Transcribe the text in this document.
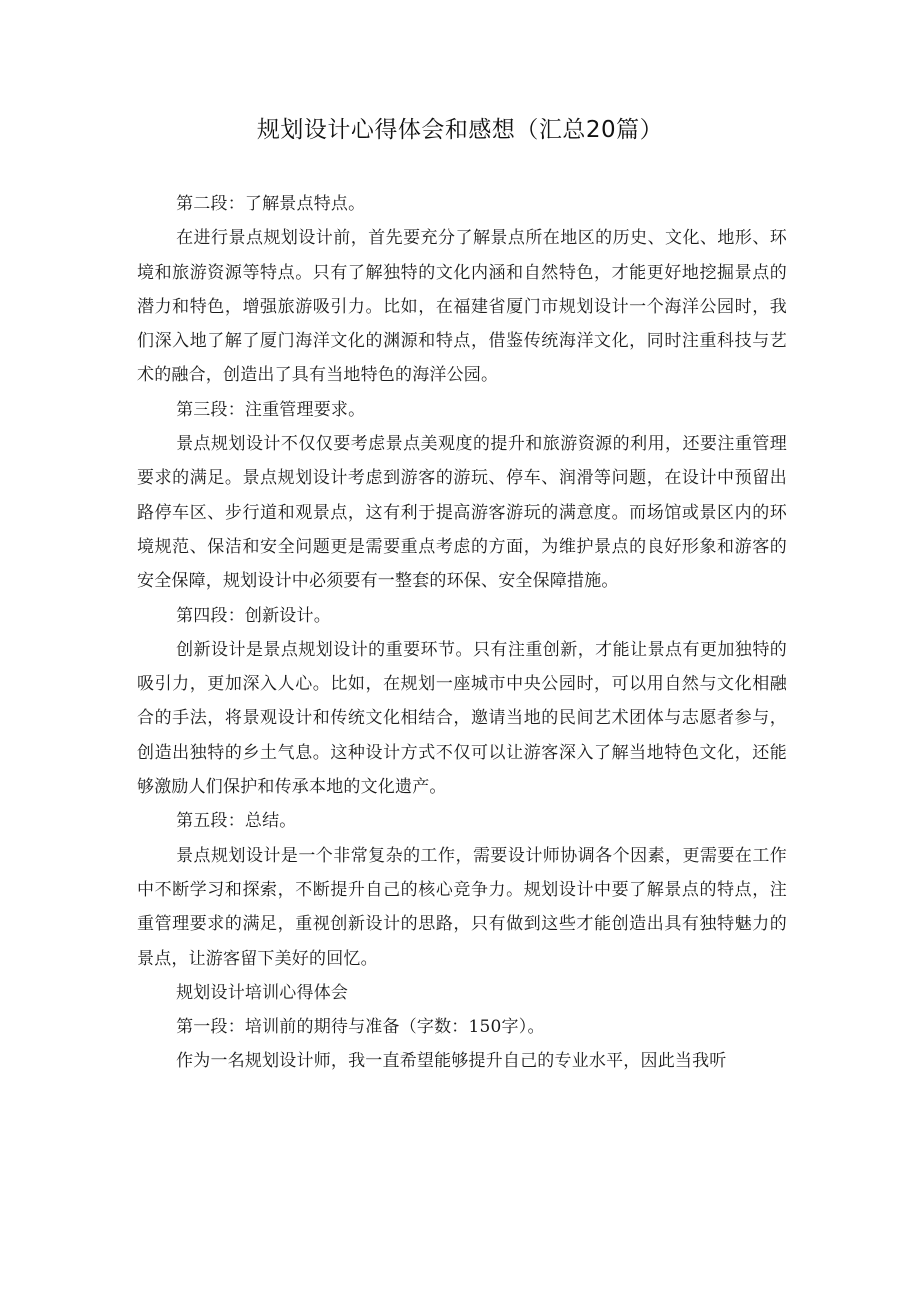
规划设计心得体会和感想（汇总20篇）

第二段：了解景点特点。

在进行景点规划设计前，首先要充分了解景点所在地区的历史、文化、地形、环境和旅游资源等特点。只有了解独特的文化内涵和自然特色，才能更好地挖掘景点的潜力和特色，增强旅游吸引力。比如，在福建省厦门市规划设计一个海洋公园时，我们深入地了解了厦门海洋文化的渊源和特点，借鉴传统海洋文化，同时注重科技与艺术的融合，创造出了具有当地特色的海洋公园。

第三段：注重管理要求。

景点规划设计不仅仅要考虑景点美观度的提升和旅游资源的利用，还要注重管理要求的满足。景点规划设计考虑到游客的游玩、停车、润滑等问题，在设计中预留出路停车区、步行道和观景点，这有利于提高游客游玩的满意度。而场馆或景区内的环境规范、保洁和安全问题更是需要重点考虑的方面，为维护景点的良好形象和游客的安全保障，规划设计中必须要有一整套的环保、安全保障措施。

第四段：创新设计。

创新设计是景点规划设计的重要环节。只有注重创新，才能让景点有更加独特的吸引力，更加深入人心。比如，在规划一座城市中央公园时，可以用自然与文化相融合的手法，将景观设计和传统文化相结合，邀请当地的民间艺术团体与志愿者参与，创造出独特的乡土气息。这种设计方式不仅可以让游客深入了解当地特色文化，还能够激励人们保护和传承本地的文化遗产。

第五段：总结。

景点规划设计是一个非常复杂的工作，需要设计师协调各个因素，更需要在工作中不断学习和探索，不断提升自己的核心竞争力。规划设计中要了解景点的特点，注重管理要求的满足，重视创新设计的思路，只有做到这些才能创造出具有独特魅力的景点，让游客留下美好的回忆。

规划设计培训心得体会

第一段：培训前的期待与准备（字数：150字）。

作为一名规划设计师，我一直希望能够提升自己的专业水平，因此当我听
